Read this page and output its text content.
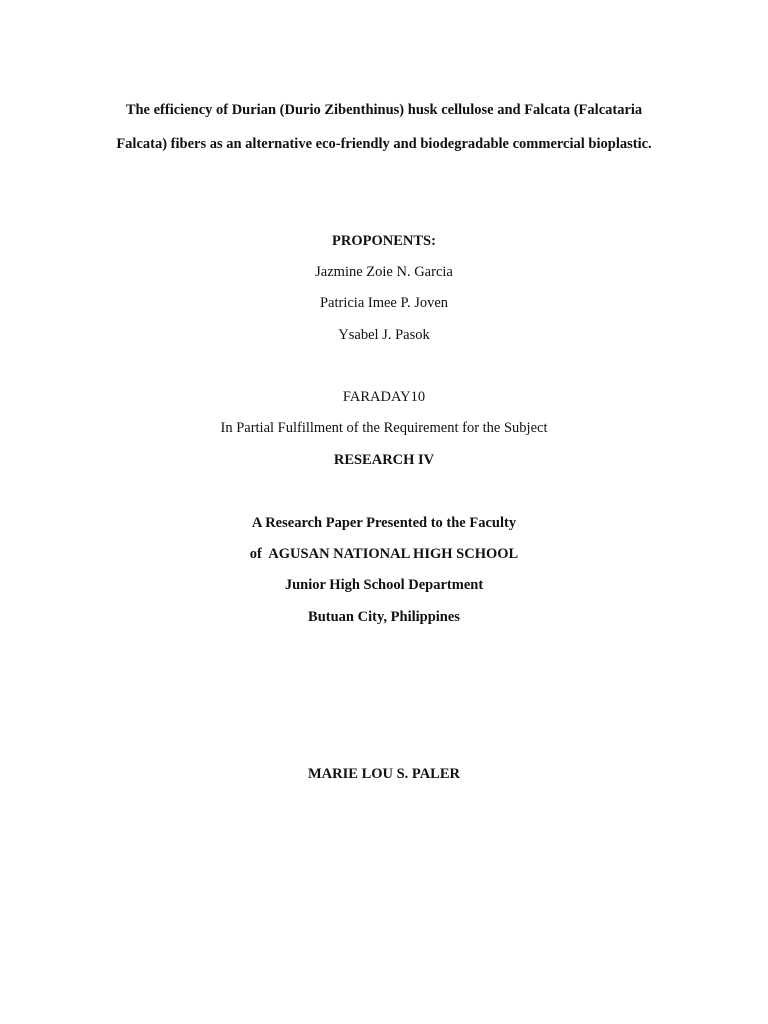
The efficiency of Durian (Durio Zibenthinus) husk cellulose and Falcata (Falcataria
Falcata) fibers as an alternative eco-friendly and biodegradable commercial bioplastic.
PROPONENTS:
Jazmine Zoie N. Garcia
Patricia Imee P. Joven
Ysabel J. Pasok
FARADAY10
In Partial Fulfillment of the Requirement for the Subject
RESEARCH IV
A Research Paper Presented to the Faculty
of  AGUSAN NATIONAL HIGH SCHOOL
Junior High School Department
Butuan City, Philippines
MARIE LOU S. PALER
